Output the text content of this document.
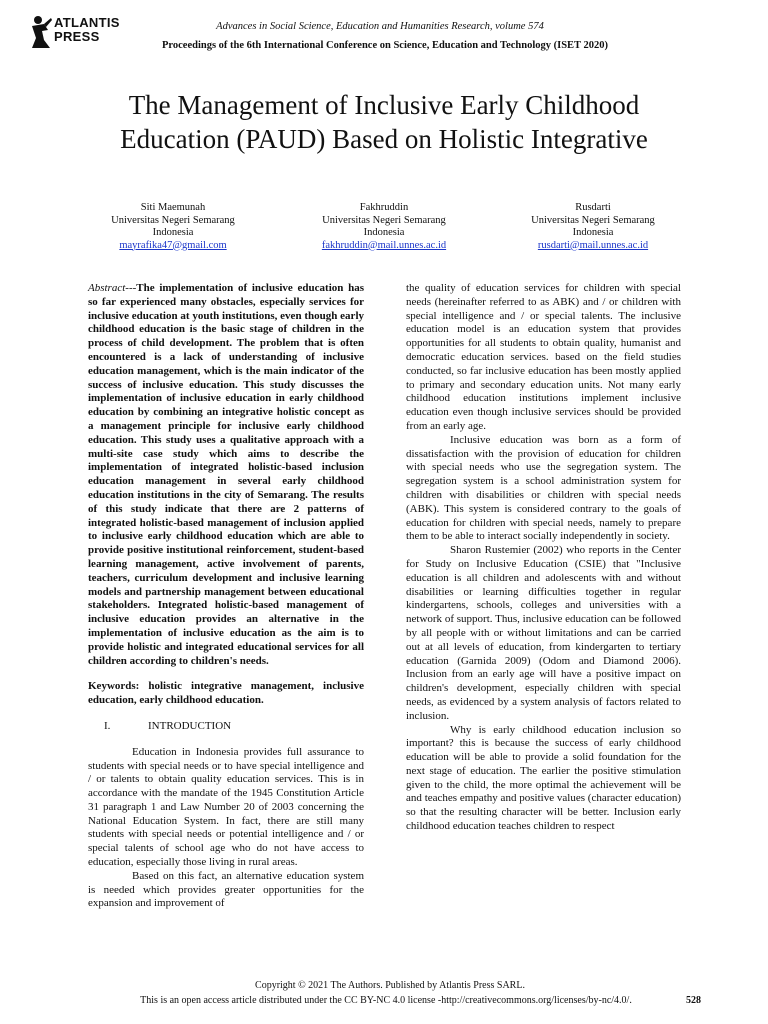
ATLANTIS
PRESS
Advances in Social Science, Education and Humanities Research, volume 574
Proceedings of the 6th International Conference on Science, Education and Technology (ISET 2020)
The Management of Inclusive Early Childhood Education (PAUD) Based on Holistic Integrative
Siti Maemunah
Universitas Negeri Semarang
Indonesia
mayrafika47@gmail.com
Fakhruddin
Universitas Negeri Semarang
Indonesia
fakhruddin@mail.unnes.ac.id
Rusdarti
Universitas Negeri Semarang
Indonesia
rusdarti@mail.unnes.ac.id

Abstract---The implementation of inclusive education has so far experienced many obstacles, especially services for inclusive education at youth institutions, even though early childhood education is the basic stage of children in the process of child development. The problem that is often encountered is a lack of understanding of inclusive education management, which is the main indicator of the success of inclusive education. This study discusses the implementation of inclusive education in early childhood education by combining an integrative holistic concept as a management principle for inclusive early childhood education. This study uses a qualitative approach with a multi-site case study which aims to describe the implementation of integrated holistic-based inclusion education management in several early childhood education institutions in the city of Semarang. The results of this study indicate that there are 2 patterns of integrated holistic-based management of inclusion applied to inclusive early childhood education which are able to provide positive institutional reinforcement, student-based learning management, active involvement of parents, teachers, curriculum development and inclusive learning models and partnership management between educational stakeholders. Integrated holistic-based management of inclusive education provides an alternative in the implementation of inclusive education as the aim is to provide holistic and integrated educational services for all children according to children's needs.

Keywords: holistic integrative management, inclusive education, early childhood education.

I.	INTRODUCTION

Education in Indonesia provides full assurance to students with special needs or to have special intelligence and / or talents to obtain quality education services. This is in accordance with the mandate of the 1945 Constitution Article 31 paragraph 1 and Law Number 20 of 2003 concerning the National Education System. In fact, there are still many students with special needs or potential intelligence and / or special talents of school age who do not have access to education, especially those living in rural areas.

Based on this fact, an alternative education system is needed which provides greater opportunities for the expansion and improvement of

the quality of education services for children with special needs (hereinafter referred to as ABK) and / or children with special intelligence and / or special talents. The inclusive education model is an education system that provides opportunities for all students to obtain quality, humanist and democratic education services. based on the field studies conducted, so far inclusive education has been mostly applied to primary and secondary education units. Not many early childhood education institutions implement inclusive education even though inclusive services should be provided from an early age.

Inclusive education was born as a form of dissatisfaction with the provision of education for children with special needs who use the segregation system. The segregation system is a school administration system for children with disabilities or children with special needs (ABK). This system is considered contrary to the goals of education for children with special needs, namely to prepare them to be able to interact socially independently in society.

Sharon Rustemier (2002) who reports in the Center for Study on Inclusive Education (CSIE) that "Inclusive education is all children and adolescents with and without disabilities or learning difficulties together in regular kindergartens, schools, colleges and universities with a network of support. Thus, inclusive education can be followed by all people with or without limitations and can be carried out at all levels of education, from kindergarten to tertiary education (Garnida 2009) (Odom and Diamond 2006). Inclusion from an early age will have a positive impact on children's development, especially children with special needs, as evidenced by a system analysis of factors related to inclusion.

Why is early childhood education inclusion so important? this is because the success of early childhood education will be able to provide a solid foundation for the next stage of education. The earlier the positive stimulation given to the child, the more optimal the achievement will be and teaches empathy and positive values (character education) so that the resulting character will be better. Inclusion early childhood education teaches children to respect

Copyright © 2021 The Authors. Published by Atlantis Press SARL.
This is an open access article distributed under the CC BY-NC 4.0 license -http://creativecommons.org/licenses/by-nc/4.0/.	528
